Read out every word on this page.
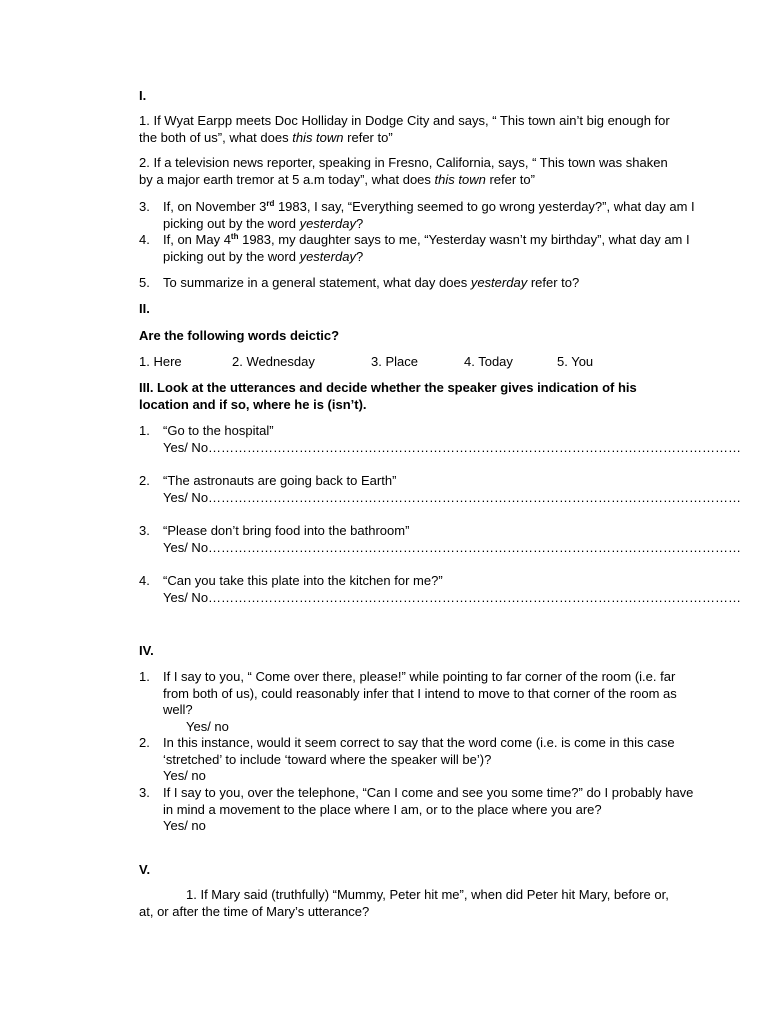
I.

1. If Wyat Earpp meets Doc Holliday in Dodge City and says, “ This town ain’t big enough for the both of us”, what does this town refer to”

2. If a television news reporter, speaking in Fresno, California, says, “ This town was shaken by a major earth tremor at 5 a.m today”, what does this town refer to”

3. If, on November 3rd 1983, I say, “Everything seemed to go wrong yesterday?”, what day am I picking out by the word yesterday?
4. If, on May 4th 1983, my daughter says to me, “Yesterday wasn’t my birthday”, what day am I picking out by the word yesterday?
5. To summarize in a general statement, what day does yesterday refer to?

II.

Are the following words deictic?

1. Here	2. Wednesday	3. Place	4. Today	5. You

III. Look at the utterances and decide whether the speaker gives indication of his location and if so, where he is (isn’t).

1. “Go to the hospital”
Yes/ No……………………………………………………………………………………………………………
2. “The astronauts are going back to Earth”
Yes/ No……………………………………………………………………………………………………………
3. “Please don’t bring food into the bathroom”
Yes/ No……………………………………………………………………………………………………………
4. “Can you take this plate into the kitchen for me?”
Yes/ No……………………………………………………………………………………………………………

IV.

1. If I say to you, “ Come over there, please!” while pointing to far corner of the room (i.e. far from both of us), could reasonably infer that I intend to move to that corner of the room as well?
Yes/ no
2. In this instance, would it seem correct to say that the word come (i.e. is come in this case ‘stretched’ to include ‘toward where the speaker will be’)?
Yes/ no
3. If I say to you, over the telephone, “Can I come and see you some time?” do I probably have in mind a movement to the place where I am, or to the place where you are?
Yes/ no

V.

1. If Mary said (truthfully) “Mummy, Peter hit me”, when did Peter hit Mary, before or, at, or after the time of Mary’s utterance?
